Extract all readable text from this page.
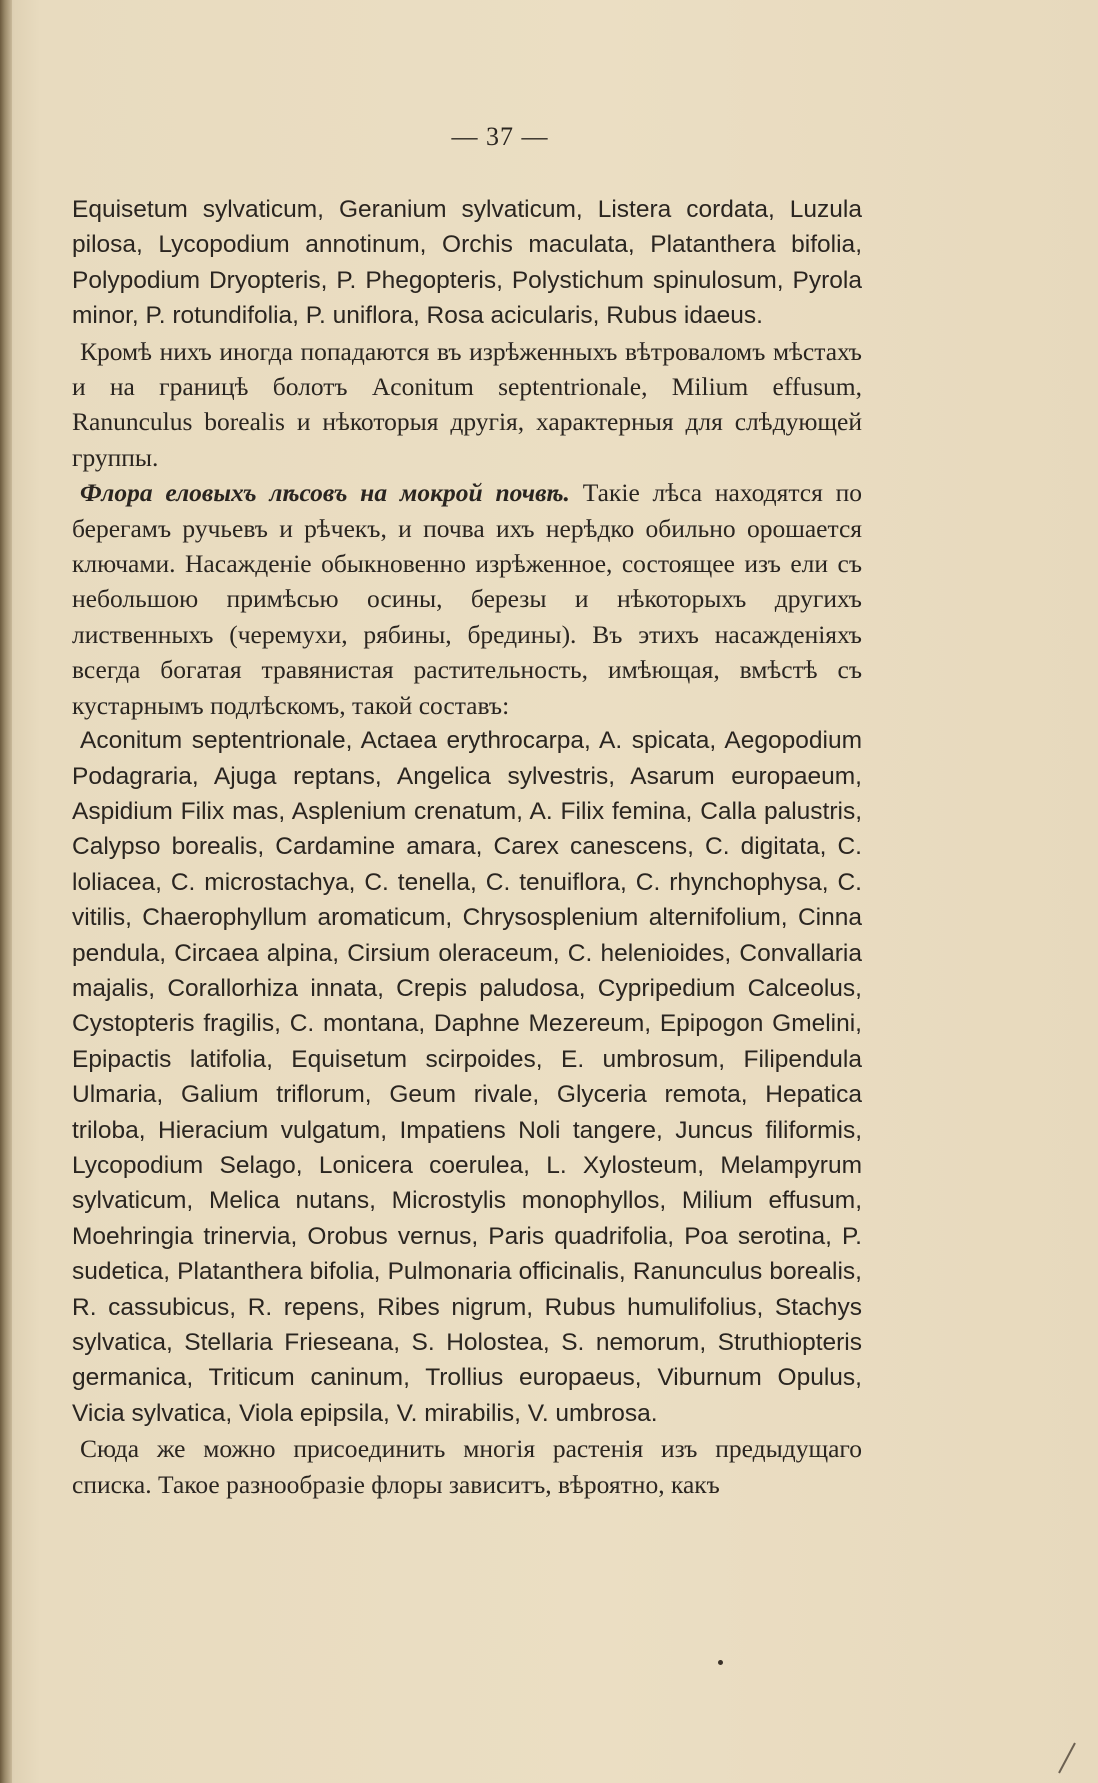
— 37 —

Equisetum sylvaticum, Geranium sylvaticum, Listera cordata, Luzula pilosa, Lycopodium annotinum, Orchis maculata, Platanthera bifolia, Polypodium Dryopteris, P. Phegopteris, Polystichum spinulosum, Pyrola minor, P. rotundifolia, P. uniflora, Rosa acicularis, Rubus idaeus.

Кромѣ нихъ иногда попадаются въ изрѣженныхъ вѣтроваломъ мѣстахъ и на границѣ болотъ Aconitum septentrionale, Milium effusum, Ranunculus borealis и нѣкоторыя другія, характерныя для слѣдующей группы.

Флора еловыхъ лѣсовъ на мокрой почвѣ. Такіе лѣса находятся по берегамъ ручьевъ и рѣчекъ, и почва ихъ нерѣдко обильно орошается ключами. Насажденіе обыкновенно изрѣженное, состоящее изъ ели съ небольшою примѣсью осины, березы и нѣкоторыхъ другихъ лиственныхъ (черемухи, рябины, бредины). Въ этихъ насажденіяхъ всегда богатая травянистая растительность, имѣющая, вмѣстѣ съ кустарнымъ подлѣскомъ, такой составъ:

Aconitum septentrionale, Actaea erythrocarpa, A. spicata, Aegopodium Podagraria, Ajuga reptans, Angelica sylvestris, Asarum europaeum, Aspidium Filix mas, Asplenium crenatum, A. Filix femina, Calla palustris, Calypso borealis, Cardamine amara, Carex canescens, C. digitata, C. loliacea, C. microstachya, C. tenella, C. tenuiflora, C. rhynchophysa, C. vitilis, Chaerophyllum aromaticum, Chrysosplenium alternifolium, Cinna pendula, Circaea alpina, Cirsium oleraceum, C. helenioides, Convallaria majalis, Corallorhiza innata, Crepis paludosa, Cypripedium Calceolus, Cystopteris fragilis, C. montana, Daphne Mezereum, Epipogon Gmelini, Epipactis latifolia, Equisetum scirpoides, E. umbrosum, Filipendula Ulmaria, Galium triflorum, Geum rivale, Glyceria remota, Hepatica triloba, Hieracium vulgatum, Impatiens Noli tangere, Juncus filiformis, Lycopodium Selago, Lonicera coerulea, L. Xylosteum, Melampyrum sylvaticum, Melica nutans, Microstylis monophyllos, Milium effusum, Moehringia trinervia, Orobus vernus, Paris quadrifolia, Poa serotina, P. sudetica, Platanthera bifolia, Pulmonaria officinalis, Ranunculus borealis, R. cassubicus, R. repens, Ribes nigrum, Rubus humulifolius, Stachys sylvatica, Stellaria Frieseana, S. Holostea, S. nemorum, Struthiopteris germanica, Triticum caninum, Trollius europaeus, Viburnum Opulus, Vicia sylvatica, Viola epipsila, V. mirabilis, V. umbrosa.

Сюда же можно присоединить многія растенія изъ предыдущаго списка. Такое разнообразіе флоры зависитъ, вѣроятно, какъ
